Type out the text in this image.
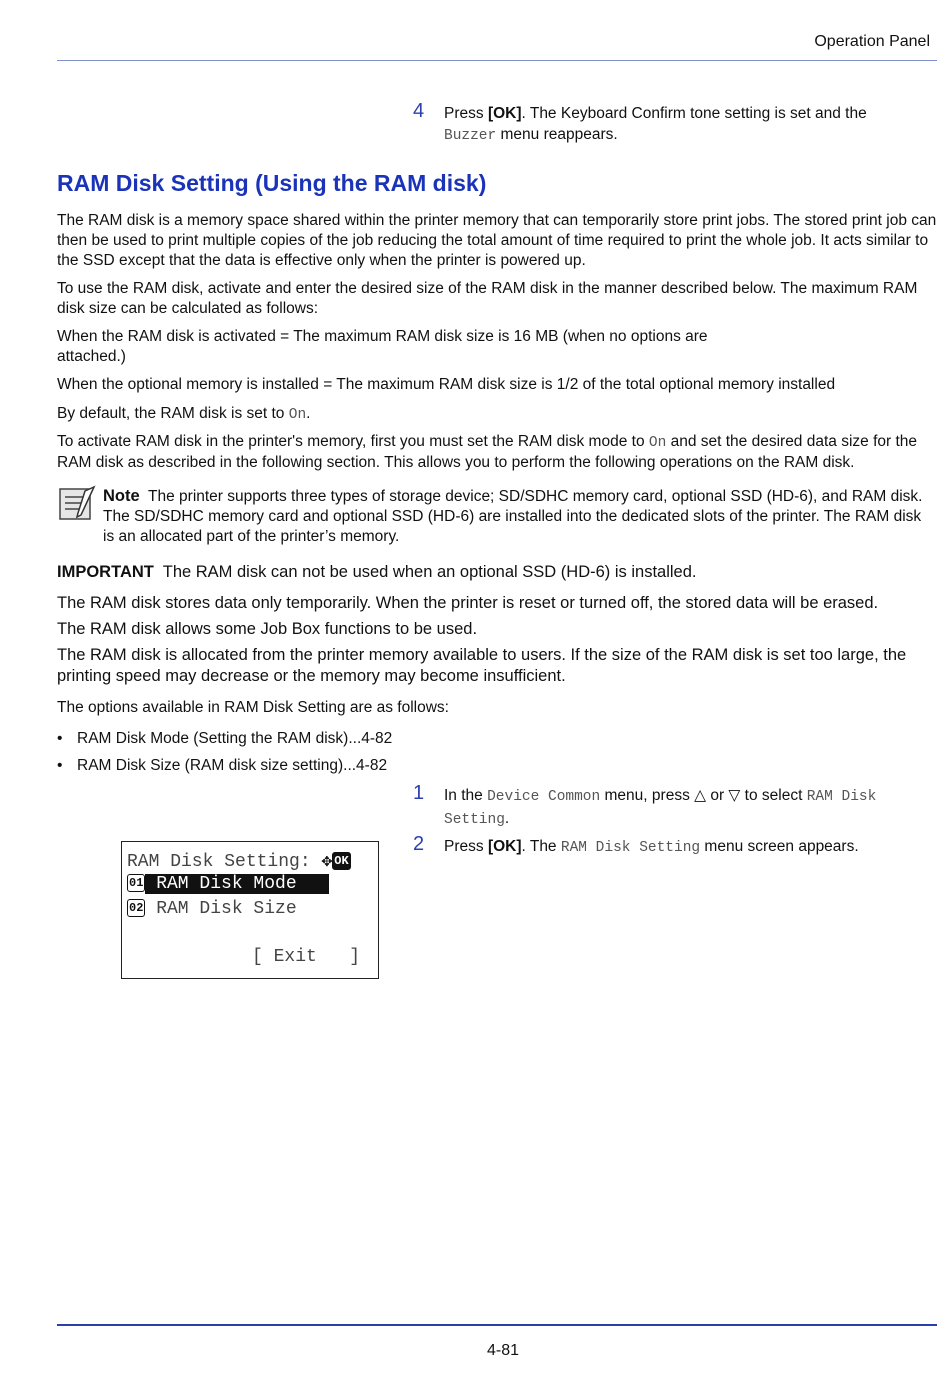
Operation Panel
4 Press [OK]. The Keyboard Confirm tone setting is set and the
Buzzer menu reappears.
RAM Disk Setting (Using the RAM disk)
The RAM disk is a memory space shared within the printer memory that can temporarily store print jobs. The stored print job can then be used to print multiple copies of the job reducing the total amount of time required to print the whole job. It acts similar to the SSD except that the data is effective only when the printer is powered up.
To use the RAM disk, activate and enter the desired size of the RAM disk in the manner described below. The maximum RAM disk size can be calculated as follows:
When the RAM disk is activated = The maximum RAM disk size is 16 MB (when no options are
attached.)
When the optional memory is installed = The maximum RAM disk size is 1/2 of the total optional memory installed
By default, the RAM disk is set to On.
To activate RAM disk in the printer's memory, first you must set the RAM disk mode to On and set the desired data size for the RAM disk as described in the following section. This allows you to perform the following operations on the RAM disk.
Note The printer supports three types of storage device; SD/SDHC memory card, optional SSD (HD-6), and RAM disk. The SD/SDHC memory card and optional SSD (HD-6) are installed into the dedicated slots of the printer. The RAM disk is an allocated part of the printer’s memory.
IMPORTANT The RAM disk can not be used when an optional SSD (HD-6) is installed.
The RAM disk stores data only temporarily. When the printer is reset or turned off, the stored data will be erased.
The RAM disk allows some Job Box functions to be used.
The RAM disk is allocated from the printer memory available to users. If the size of the RAM disk is set too large, the printing speed may decrease or the memory may become insufficient.
The options available in RAM Disk Setting are as follows:
• RAM Disk Mode (Setting the RAM disk)...4-82
• RAM Disk Size (RAM disk size setting)...4-82
1 In the Device Common menu, press △ or ▽ to select RAM Disk
Setting.
2 Press [OK]. The RAM Disk Setting menu screen appears.
RAM Disk Setting: ✥ OK
01 RAM Disk Mode
02 RAM Disk Size
[ Exit   ]
4-81
